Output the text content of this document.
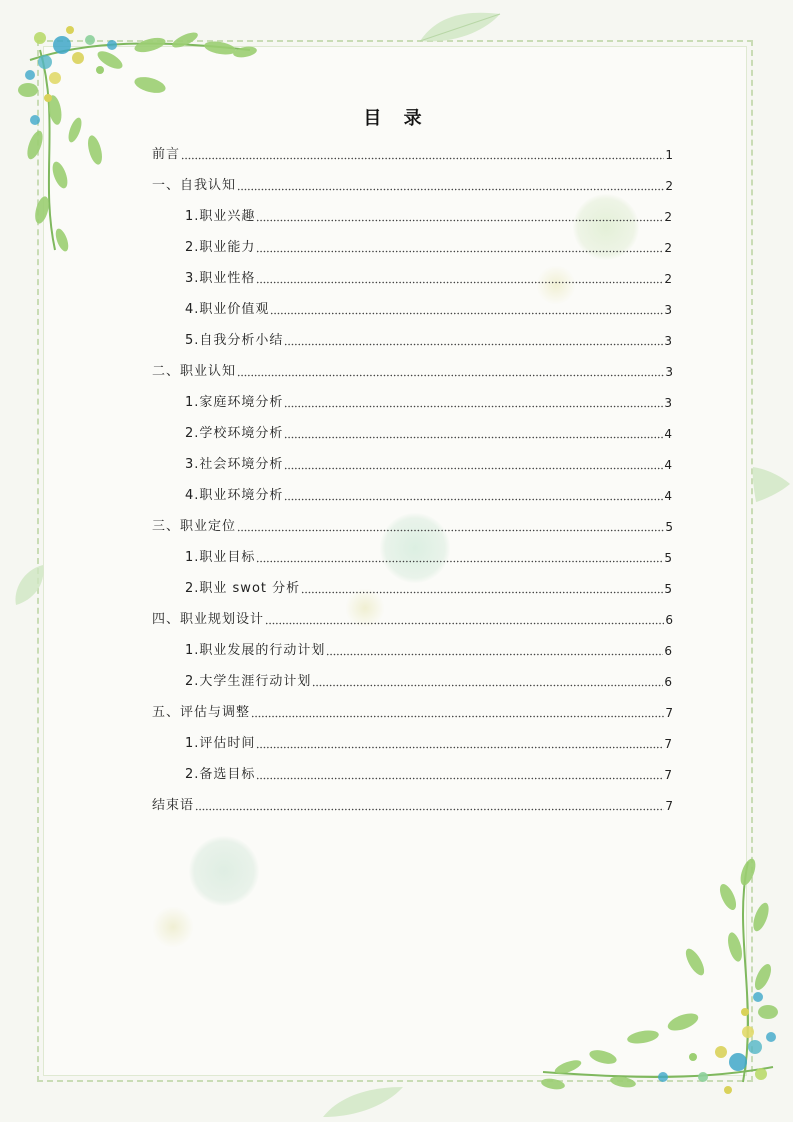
目 录
前言	1
一、自我认知	2
1.职业兴趣	2
2.职业能力	2
3.职业性格	2
4.职业价值观	3
5.自我分析小结	3
二、职业认知	3
1.家庭环境分析	3
2.学校环境分析	4
3.社会环境分析	4
4.职业环境分析	4
三、职业定位	5
1.职业目标	5
2.职业 swot 分析	5
四、职业规划设计	6
1.职业发展的行动计划	6
2.大学生涯行动计划	6
五、评估与调整	7
1.评估时间	7
2.备选目标	7
结束语	7
